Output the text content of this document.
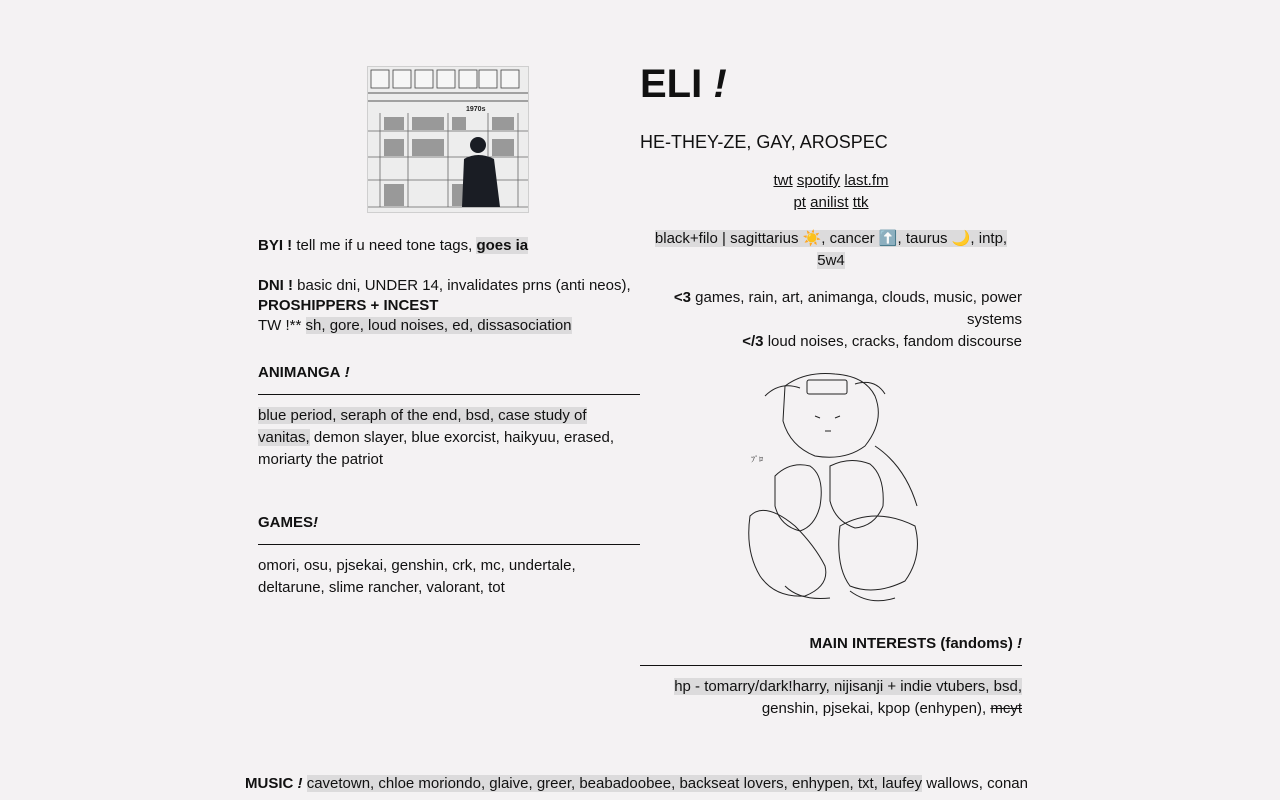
1970s
BYI ! tell me if u need tone tags, goes ia
DNI ! basic dni, UNDER 14, invalidates prns (anti neos),
PROSHIPPERS + INCEST
TW !** sh, gore, loud noises, ed, dissasociation
ANIMANGA !
blue period, seraph of the end, bsd, case study of vanitas, demon slayer, blue exorcist, haikyuu, erased, moriarty the patriot
GAMES!
omori, osu, pjsekai, genshin, crk, mc, undertale, deltarune, slime rancher, valorant, tot
ELI !
HE-THEY-ZE, GAY, AROSPEC
twt spotify last.fm
pt anilist ttk
black+filo | sagittarius ☀️, cancer ⬆️, taurus 🌙, intp,
5w4
<3 games, rain, art, animanga, clouds, music, power systems
</3 loud noises, cracks, fandom discourse
ﾌﾟﾛ
MAIN INTERESTS (fandoms) !
hp - tomarry/dark!harry, nijisanji + indie vtubers, bsd,
genshin, pjsekai, kpop (enhypen), mcyt
MUSIC ! cavetown, chloe moriondo, glaive, greer, beabadoobee, backseat lovers, enhypen, txt, laufey wallows, conan
